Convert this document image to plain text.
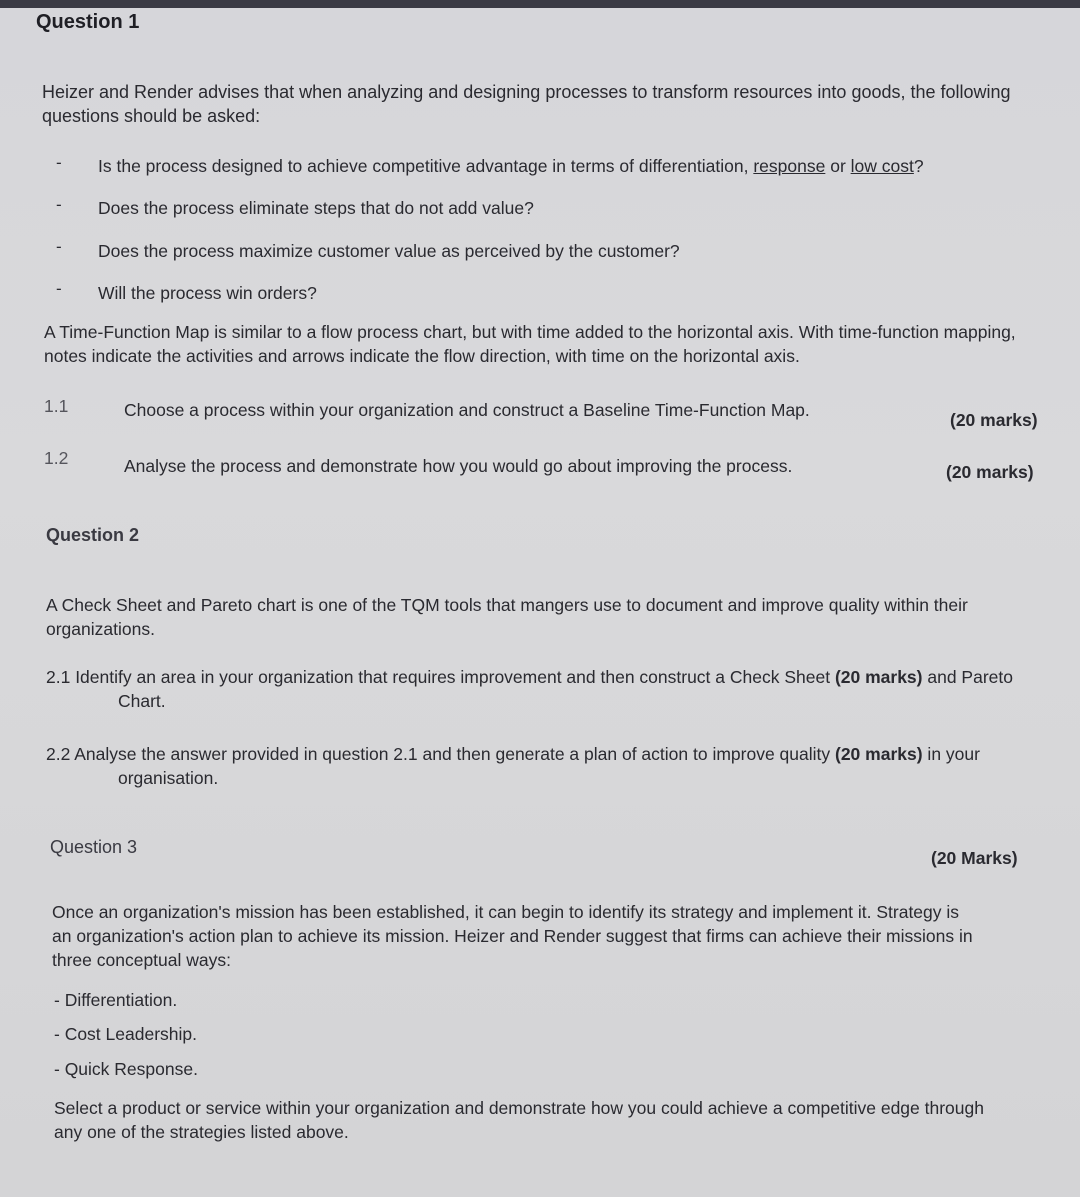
Question 1
Heizer and Render advises that when analyzing and designing processes to transform resources into goods, the following questions should be asked:
- Is the process designed to achieve competitive advantage in terms of differentiation, response or low cost?
- Does the process eliminate steps that do not add value?
- Does the process maximize customer value as perceived by the customer?
- Will the process win orders?
A Time-Function Map is similar to a flow process chart, but with time added to the horizontal axis. With time-function mapping, notes indicate the activities and arrows indicate the flow direction, with time on the horizontal axis.
1.1	Choose a process within your organization and construct a Baseline Time-Function Map.	(20 marks)
1.2	Analyse the process and demonstrate how you would go about improving the process.	(20 marks)
Question 2
A Check Sheet and Pareto chart is one of the TQM tools that mangers use to document and improve quality within their organizations.
2.1 Identify an area in your organization that requires improvement and then construct a Check Sheet (20 marks) and Pareto Chart.
2.2 Analyse the answer provided in question 2.1 and then generate a plan of action to improve quality (20 marks) in your organisation.
Question 3
(20 Marks)
Once an organization's mission has been established, it can begin to identify its strategy and implement it. Strategy is an organization's action plan to achieve its mission. Heizer and Render suggest that firms can achieve their missions in three conceptual ways:
- Differentiation.
- Cost Leadership.
- Quick Response.
Select a product or service within your organization and demonstrate how you could achieve a competitive edge through any one of the strategies listed above.
